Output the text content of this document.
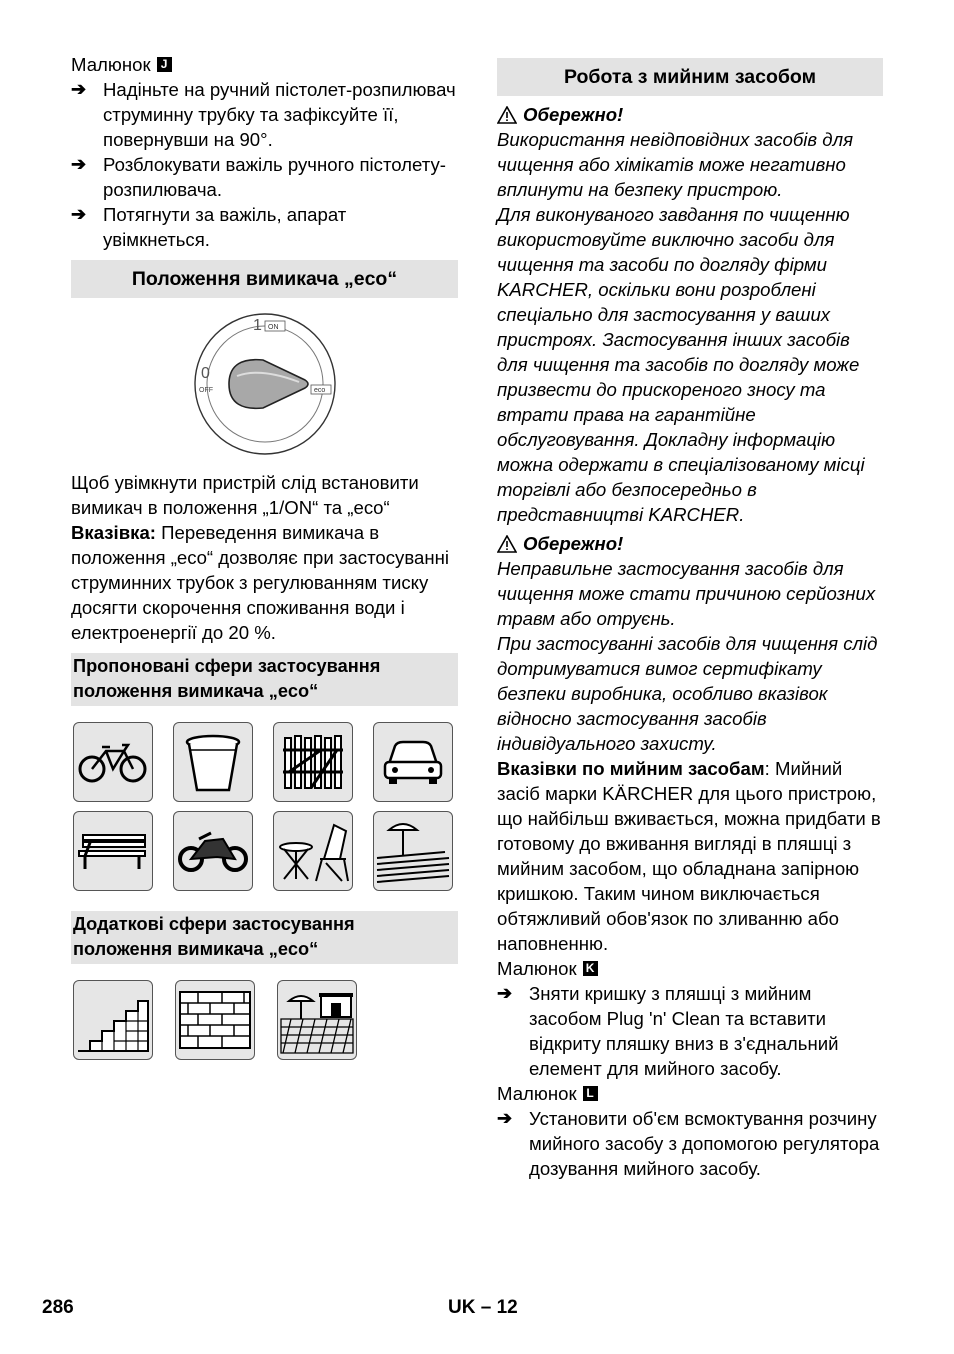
Малюнок J
➔ Надіньте на ручний пістолет-розпилювач струминну трубку та зафіксуйте її, повернувши на 90°.
➔ Розблокувати важіль ручного пістолету-розпилювача.
➔ Потягнути за важіль, апарат увімкнеться.
Положення вимикача „eco“
1 ON
0
OFF	eco

Щоб увімкнути пристрій слід встановити вимикач в положення „1/ON“ та „eco“

Вказівка: Переведення вимикача в положення „eco“ дозволяє при застосуванні струминних трубок з регулюванням тиску досягти скорочення споживання води і електроенергії до 20 %.

Пропоновані сфери застосування положення вимикача „eco“
Додаткові сфери застосування положення вимикача „eco“
Робота з мийним засобом
Обережно!

Використання невідповідних засобів для чищення або хімікатів може негативно вплинути на безпеку пристрою.

Для виконуваного завдання по чищенню використовуйте виключно засоби для чищення та засоби по догляду фірми KARCHER, оскільки вони розроблені спеціально для застосування у ваших пристроях. Застосування інших засобів для чищення та засобів по догляду може призвести до прискореного зносу та втрати права на гарантійне обслуговування. Докладну інформацію можна одержати в спеціалізованому місці торгівлі або безпосередньо в представництві KARCHER.

Обережно!

Неправильне застосування засобів для чищення може стати причиною серйозних травм або отруєнь.

При застосуванні засобів для чищення слід дотримуватися вимог сертифікату безпеки виробника, особливо вказівок відносно застосування засобів індивідуального захисту.

Вказівки по мийним засобам: Мийний засіб марки KÄRCHER для цього пристрою, що найбільш вживається, можна придбати в готовому до вживання вигляді в пляшці з мийним засобом, що обладнана запірною кришкою. Таким чином виключається обтяжливий обов'язок по зливанню або наповненню.

Малюнок K
➔ Зняти кришку з пляшці з мийним засобом Plug 'n' Clean та вставити відкриту пляшку вниз в з'єднальний елемент для мийного засобу.
Малюнок L
➔ Установити об'єм всмоктування розчину мийного засобу з допомогою регулятора дозування мийного засобу.
286	UK – 12
